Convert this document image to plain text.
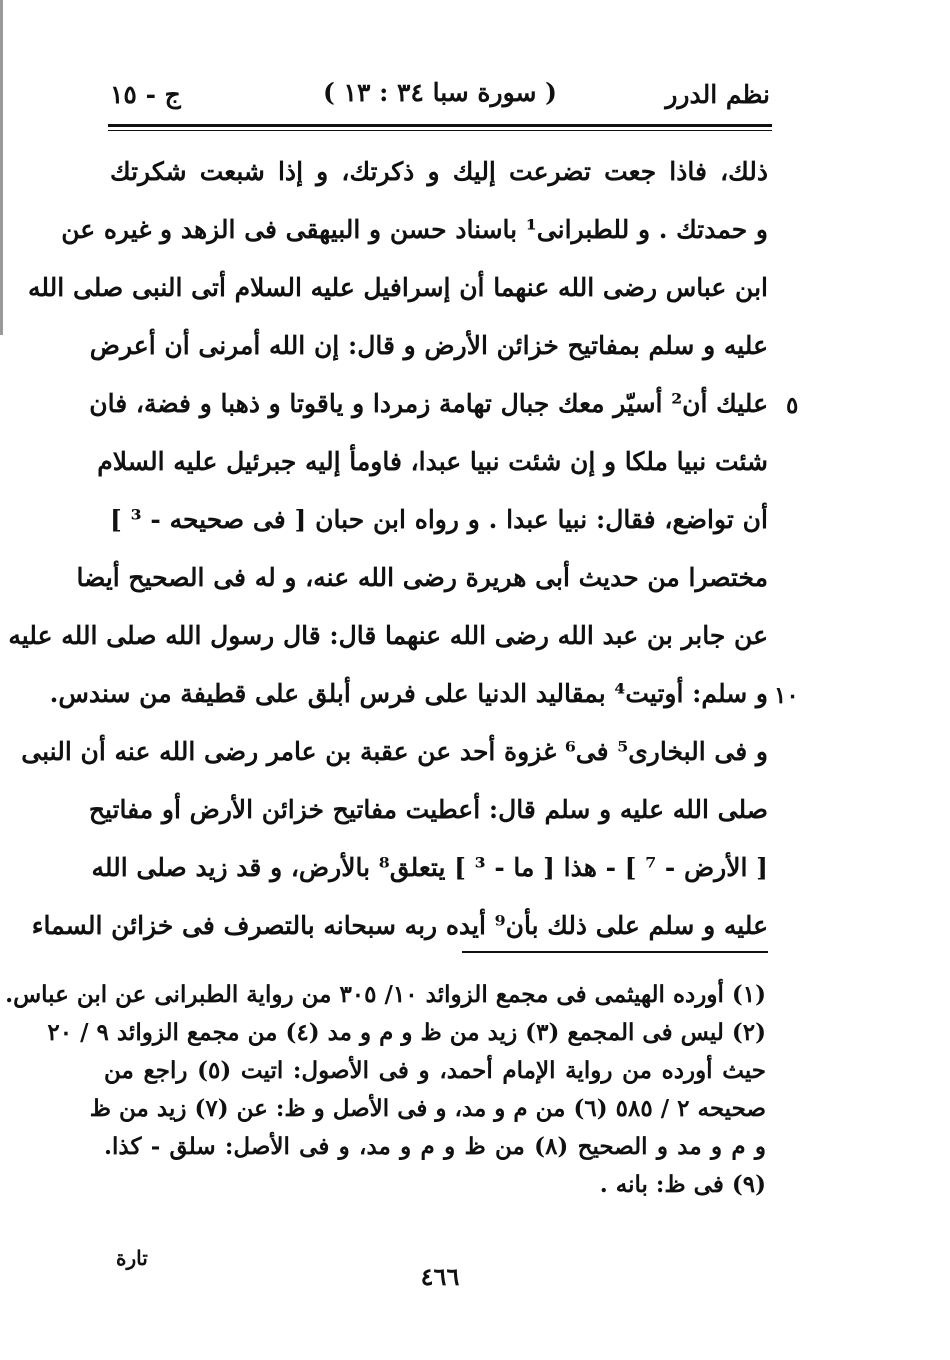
نظم الدرر
( سورة سبا ٣٤ : ١٣ )
ج - ١٥
ذلك، فاذا جعت تضرعت إليك و ذكرتك، و إذا شبعت شكرتك
و حمدتك . و للطبرانى¹ باسناد حسن و البيهقى فى الزهد و غيره عن
ابن عباس رضى الله عنهما أن إسرافيل عليه السلام أتى النبى صلى الله
عليه و سلم بمفاتيح خزائن الأرض و قال: إن الله أمرنى أن أعرض
عليك أن² أسيّر معك جبال تهامة زمردا و ياقوتا و ذهبا و فضة، فان
شئت نبيا ملكا و إن شئت نبيا عبدا، فاومأ إليه جبرئيل عليه السلام
أن تواضع، فقال: نبيا عبدا . و رواه ابن حبان [ فى صحيحه - ³ ]
مختصرا من حديث أبى هريرة رضى الله عنه، و له فى الصحيح أيضا
عن جابر بن عبد الله رضى الله عنهما قال: قال رسول الله صلى الله عليه
و سلم: أوتيت⁴ بمقاليد الدنيا على فرس أبلق على قطيفة من سندس.
و فى البخارى⁵ فى⁶ غزوة أحد عن عقبة بن عامر رضى الله عنه أن النبى
صلى الله عليه و سلم قال: أعطيت مفاتيح خزائن الأرض أو مفاتيح
[ الأرض - ⁷ ] - هذا [ ما - ³ ] يتعلق⁸ بالأرض، و قد زيد صلى الله
عليه و سلم على ذلك بأن⁹ أيده ربه سبحانه بالتصرف فى خزائن السماء
٥
١٠
(١) أورده الهيثمى فى مجمع الزوائد ١٠/ ٣٠٥ من رواية الطبرانى عن ابن عباس.
(٢) ليس فى المجمع (٣) زيد من ظ و م و مد (٤) من مجمع الزوائد ٩ / ٢٠
حيث أورده من رواية الإمام أحمد، و فى الأصول: اتيت (٥) راجع من
صحيحه ٢ / ٥٨٥ (٦) من م و مد، و فى الأصل و ظ: عن (٧) زيد من ظ
و م و مد و الصحيح (٨) من ظ و م و مد، و فى الأصل: سلق - كذا.
(٩) فى ظ: بانه .
تارة
٤٦٦
